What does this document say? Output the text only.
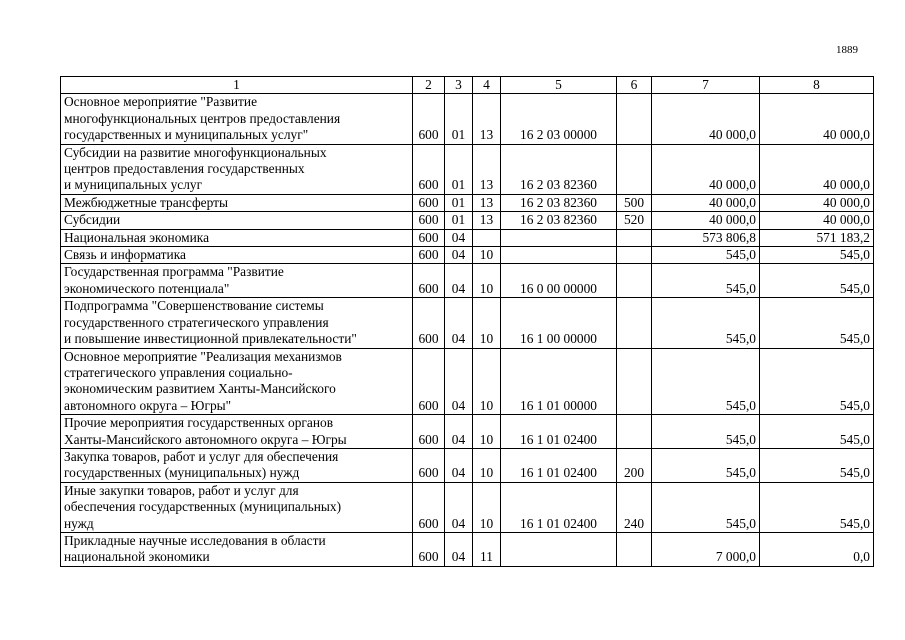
1889
1	2	3	4	5	6	7	8

Основное мероприятие "Развитие
многофункциональных центров предоставления
государственных и муниципальных услуг"	600	01	13	16 2 03 00000		40 000,0	40 000,0

Субсидии на развитие многофункциональных
центров предоставления государственных
и муниципальных услуг	600	01	13	16 2 03 82360		40 000,0	40 000,0

Межбюджетные трансферты	600	01	13	16 2 03 82360	500	40 000,0	40 000,0

Субсидии	600	01	13	16 2 03 82360	520	40 000,0	40 000,0

Национальная экономика	600	04				573 806,8	571 183,2

Связь и информатика	600	04	10			545,0	545,0

Государственная программа "Развитие
экономического потенциала"	600	04	10	16 0 00 00000		545,0	545,0

Подпрограмма "Совершенствование системы
государственного стратегического управления
и повышение инвестиционной привлекательности"	600	04	10	16 1 00 00000		545,0	545,0

Основное мероприятие "Реализация механизмов
стратегического управления социально-
экономическим развитием Ханты-Мансийского
автономного округа – Югры"	600	04	10	16 1 01 00000		545,0	545,0

Прочие мероприятия государственных органов
Ханты-Мансийского автономного округа – Югры	600	04	10	16 1 01 02400		545,0	545,0

Закупка товаров, работ и услуг для обеспечения
государственных (муниципальных) нужд	600	04	10	16 1 01 02400	200	545,0	545,0

Иные закупки товаров, работ и услуг для
обеспечения государственных (муниципальных)
нужд	600	04	10	16 1 01 02400	240	545,0	545,0

Прикладные научные исследования в области
национальной экономики	600	04	11			7 000,0	0,0
